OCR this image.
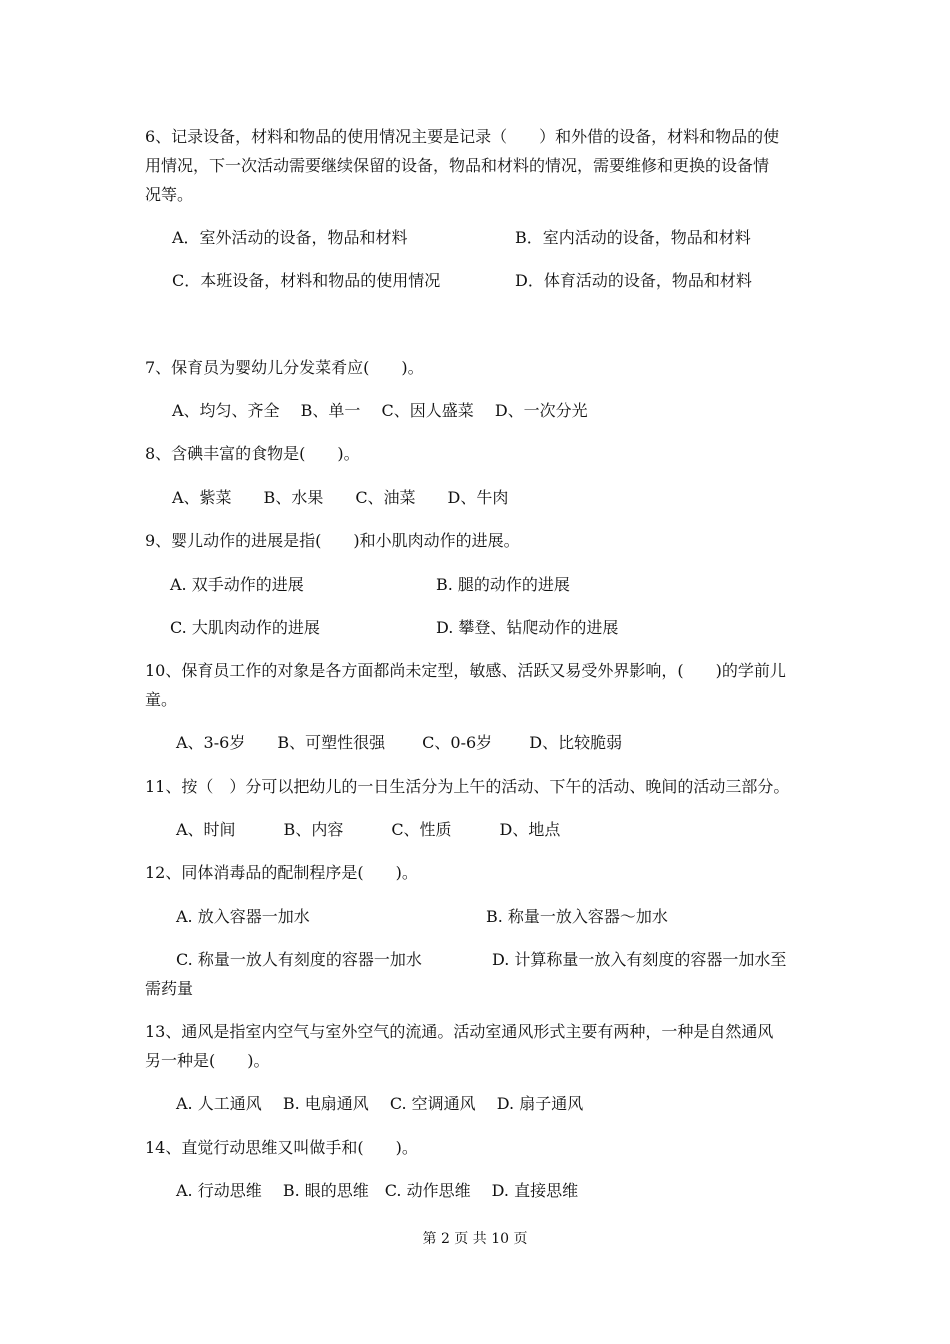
6、记录设备，材料和物品的使用情况主要是记录（　　）和外借的设备，材料和物品的使
用情况，下一次活动需要继续保留的设备，物品和材料的情况，需要维修和更换的设备情
况等。
A．室外活动的设备，物品和材料	B．室内活动的设备，物品和材料
C．本班设备，材料和物品的使用情况	D．体育活动的设备，物品和材料
7、保育员为婴幼儿分发菜肴应(　　)。
A、均匀、齐全　 B、单一　 C、因人盛菜　 D、一次分光
8、含碘丰富的食物是(　　)。
A、紫菜　　B、水果　　C、油菜　　D、牛肉
9、婴儿动作的进展是指(　　)和小肌肉动作的进展。
A. 双手动作的进展	B. 腿的动作的进展
C. 大肌肉动作的进展	D. 攀登、钻爬动作的进展
10、保育员工作的对象是各方面都尚未定型，敏感、活跃又易受外界影响，(　　)的学前儿
童。
A、3-6岁　　B、可塑性很强　　 C、0-6岁　　 D、比较脆弱
11、按（　）分可以把幼儿的一日生活分为上午的活动、下午的活动、晚间的活动三部分。
A、时间　　　B、内容　　　C、性质　　　D、地点
12、同体消毒品的配制程序是(　　)。
A. 放入容器一加水	B. 称量一放入容器～加水
C. 称量一放人有刻度的容器一加水	D. 计算称量一放入有刻度的容器一加水至
需药量
13、通风是指室内空气与室外空气的流通。活动室通风形式主要有两种，一种是自然通风
另一种是(　　)。
A. 人工通风　 B. 电扇通风　 C. 空调通风　 D. 扇子通风
14、直觉行动思维又叫做手和(　　)。
A. 行动思维　 B. 眼的思维　C. 动作思维　 D. 直接思维
第 2 页 共 10 页
